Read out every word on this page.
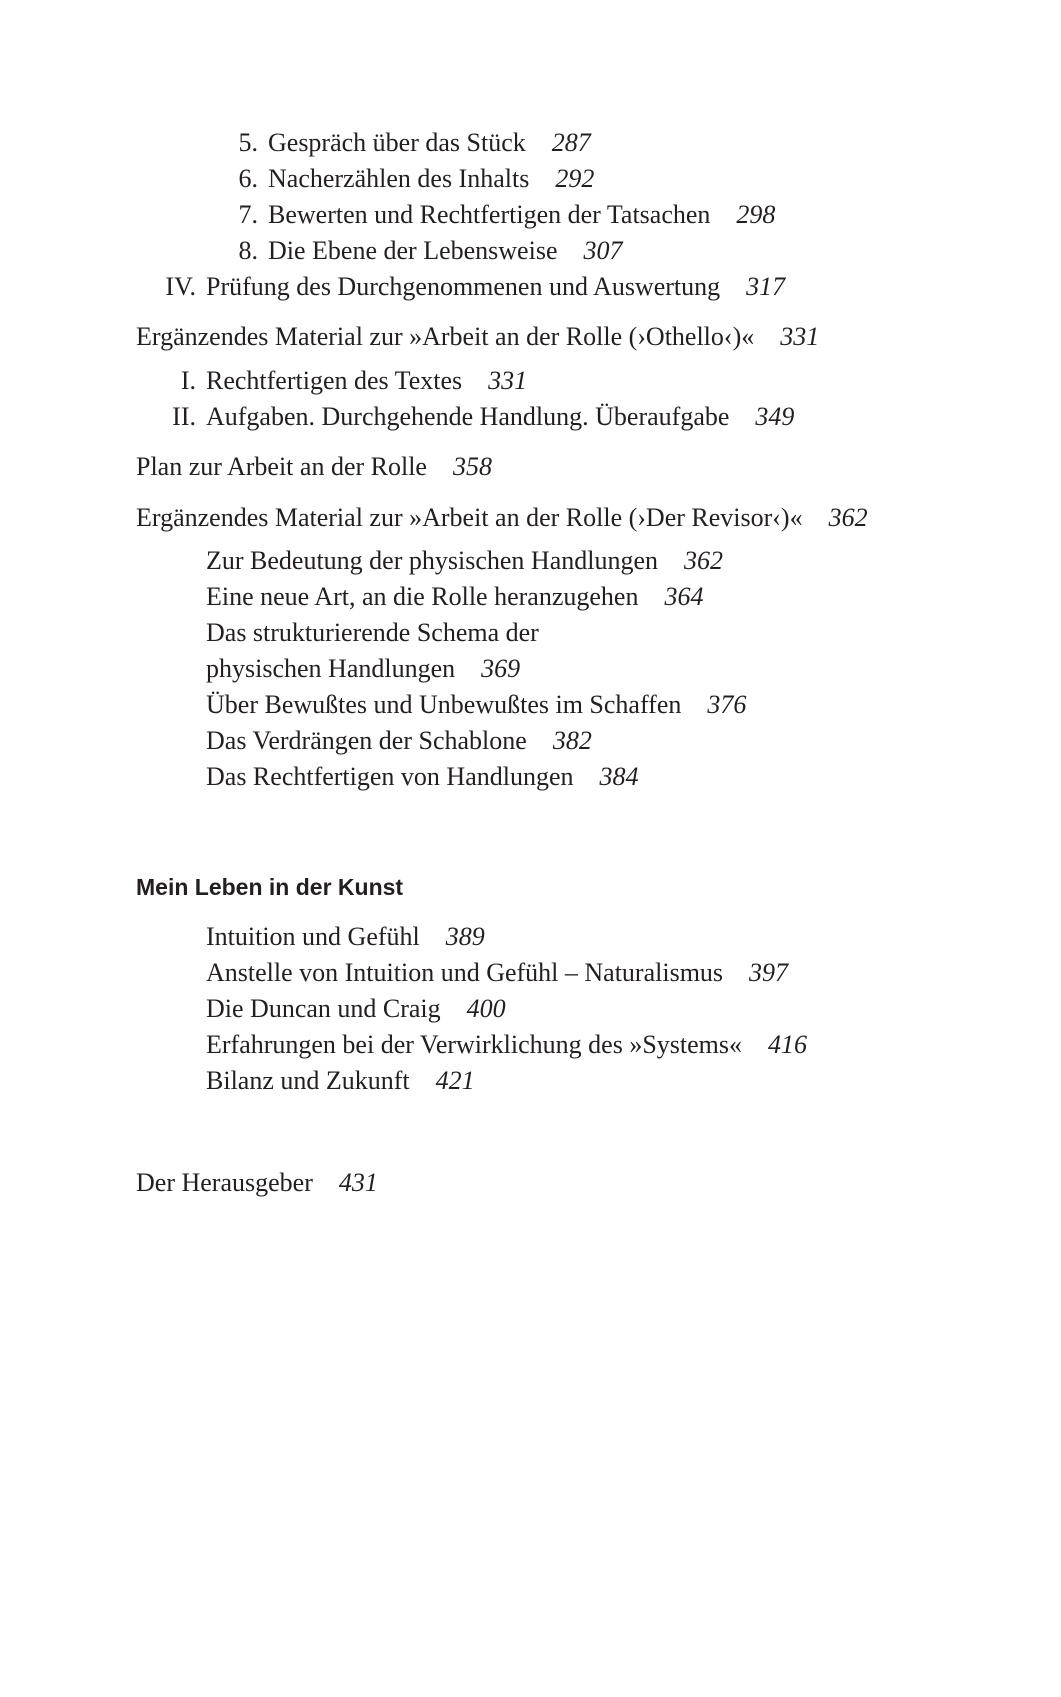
5. Gespräch über das Stück 287
6. Nacherzählen des Inhalts 292
7. Bewerten und Rechtfertigen der Tatsachen 298
8. Die Ebene der Lebensweise 307
IV. Prüfung des Durchgenommenen und Auswertung 317
Ergänzendes Material zur »Arbeit an der Rolle (›Othello‹)« 331
I. Rechtfertigen des Textes 331
II. Aufgaben. Durchgehende Handlung. Überaufgabe 349
Plan zur Arbeit an der Rolle 358
Ergänzendes Material zur »Arbeit an der Rolle (›Der Revisor‹)« 362
Zur Bedeutung der physischen Handlungen 362
Eine neue Art, an die Rolle heranzugehen 364
Das strukturierende Schema der
physischen Handlungen 369
Über Bewußtes und Unbewußtes im Schaffen 376
Das Verdrängen der Schablone 382
Das Rechtfertigen von Handlungen 384
Mein Leben in der Kunst
Intuition und Gefühl 389
Anstelle von Intuition und Gefühl – Naturalismus 397
Die Duncan und Craig 400
Erfahrungen bei der Verwirklichung des »Systems« 416
Bilanz und Zukunft 421
Der Herausgeber 431
